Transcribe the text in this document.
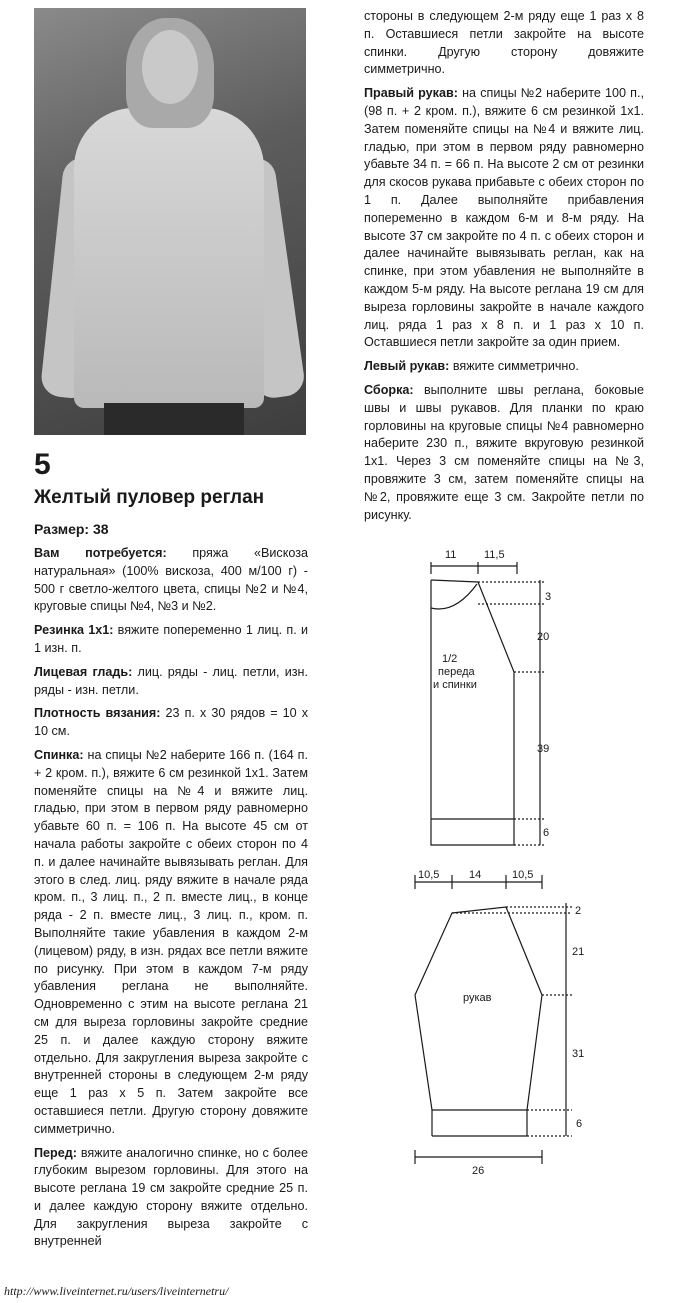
5
Желтый пуловер реглан
Размер: 38

Вам потребуется: пряжа «Вискоза натуральная» (100% вискоза, 400 м/100 г) - 500 г светло-желтого цвета, спицы №2 и №4, круговые спицы №4, №3 и №2.

Резинка 1x1: вяжите попеременно 1 лиц. п. и 1 изн. п.

Лицевая гладь: лиц. ряды - лиц. петли, изн. ряды - изн. петли.

Плотность вязания: 23 п. х 30 рядов = 10 х 10 см.

Спинка: на спицы №2 наберите 166 п. (164 п. + 2 кром. п.), вяжите 6 см резинкой 1x1. Затем поменяйте спицы на №4 и вяжите лиц. гладью, при этом в первом ряду равномерно убавьте 60 п. = 106 п. На высоте 45 см от начала работы закройте с обеих сторон по 4 п. и далее начинайте вывязывать реглан. Для этого в след. лиц. ряду вяжите в начале ряда кром. п., 3 лиц. п., 2 п. вместе лиц., в конце ряда - 2 п. вместе лиц., 3 лиц. п., кром. п. Выполняйте такие убавления в каждом 2-м (лицевом) ряду, в изн. рядах все петли вяжите по рисунку. При этом в каждом 7-м ряду убавления реглана не выполняйте. Одновременно с этим на высоте реглана 21 см для выреза горловины закройте средние 25 п. и далее каждую сторону вяжите отдельно. Для закругления выреза закройте с внутренней стороны в следующем 2-м ряду еще 1 раз х 5 п. Затем закройте все оставшиеся петли. Другую сторону довяжите симметрично.

Перед: вяжите аналогично спинке, но с более глубоким вырезом горловины. Для этого на высоте реглана 19 см закройте средние 25 п. и далее каждую сторону вяжите отдельно. Для закругления выреза закройте с внутренней

стороны в следующем 2-м ряду еще 1 раз х 8 п. Оставшиеся петли закройте на высоте спинки. Другую сторону довяжите симметрично.

Правый рукав: на спицы №2 наберите 100 п., (98 п. + 2 кром. п.), вяжите 6 см резинкой 1x1. Затем поменяйте спицы на №4 и вяжите лиц. гладью, при этом в первом ряду равномерно убавьте 34 п. = 66 п. На высоте 2 см от резинки для скосов рукава прибавьте с обеих сторон по 1 п. Далее выполняйте прибавления попеременно в каждом 6-м и 8-м ряду. На высоте 37 см закройте по 4 п. с обеих сторон и далее начинайте вывязывать реглан, как на спинке, при этом убавления не выполняйте в каждом 5-м ряду. На высоте реглана 19 см для выреза горловины закройте в начале каждого лиц. ряда 1 раз х 8 п. и 1 раз х 10 п. Оставшиеся петли закройте за один прием.

Левый рукав: вяжите симметрично.

Сборка: выполните швы реглана, боковые швы и швы рукавов. Для планки по краю горловины на круговые спицы №4 равномерно наберите 230 п., вяжите вкруговую резинкой 1x1. Через 3 см поменяйте спицы на №3, провяжите 3 см, затем поменяйте спицы на №2, провяжите еще 3 см. Закройте петли по рисунку.

11	11,5
3
20
39
6
1/2
переда
и спинки
10,5	14	10,5
2
21
31
6
26
рукав
http://www.liveinternet.ru/users/liveinternetru/
